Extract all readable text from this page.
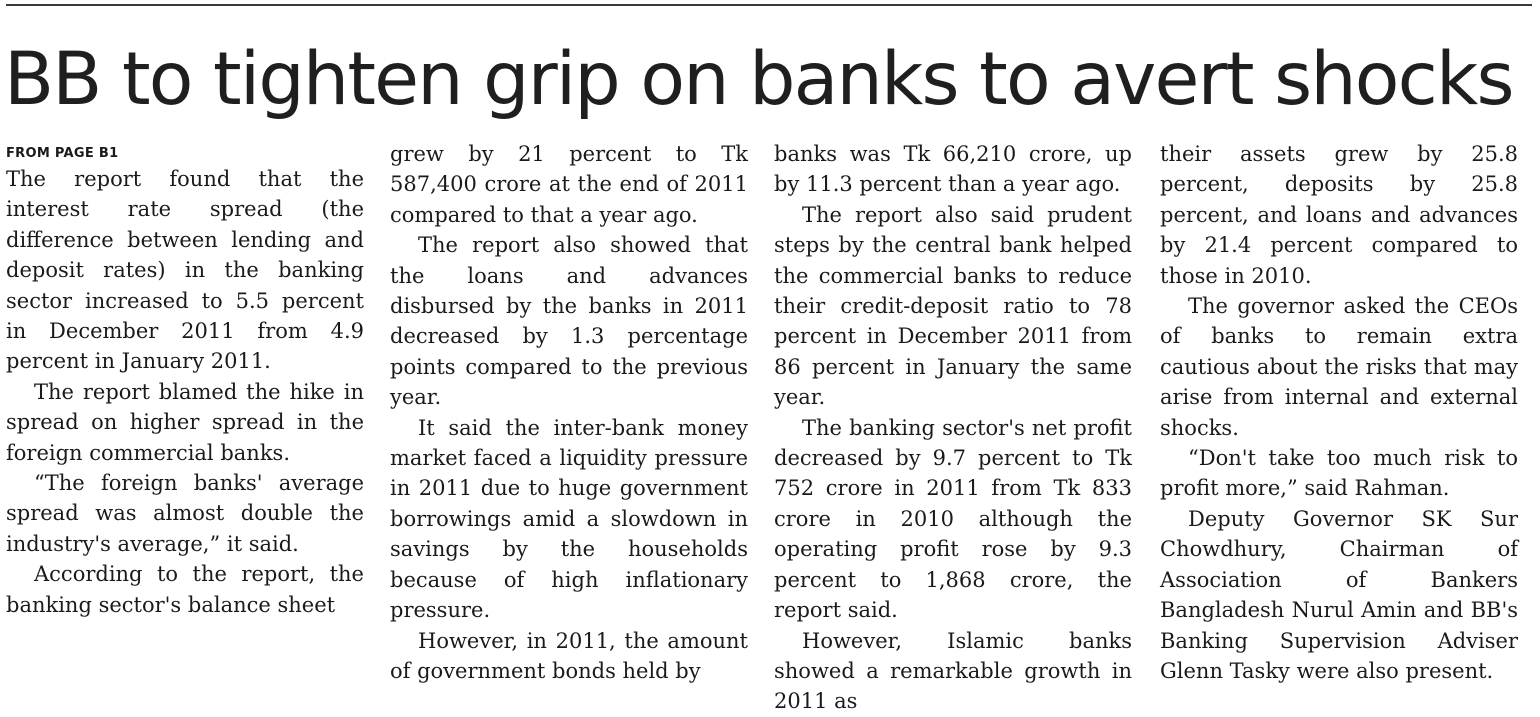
BB to tighten grip on banks to avert shocks
FROM PAGE B1

The report found that the interest rate spread (the difference between lending and deposit rates) in the banking sector increased to 5.5 percent in December 2011 from 4.9 percent in January 2011.

The report blamed the hike in spread on higher spread in the foreign commercial banks.

“The foreign banks' average spread was almost double the industry's average,” it said.

According to the report, the banking sector's balance sheet

grew by 21 percent to Tk 587,400 crore at the end of 2011 compared to that a year ago.

The report also showed that the loans and advances disbursed by the banks in 2011 decreased by 1.3 percentage points compared to the previous year.

It said the inter-bank money market faced a liquidity pressure in 2011 due to huge government borrowings amid a slowdown in savings by the households because of high inflationary pressure.

However, in 2011, the amount of government bonds held by

banks was Tk 66,210 crore, up by 11.3 percent than a year ago.

The report also said prudent steps by the central bank helped the commercial banks to reduce their credit-deposit ratio to 78 percent in December 2011 from 86 percent in January the same year.

The banking sector's net profit decreased by 9.7 percent to Tk 752 crore in 2011 from Tk 833 crore in 2010 although the operating profit rose by 9.3 percent to 1,868 crore, the report said.

However, Islamic banks showed a remarkable growth in 2011 as

their assets grew by 25.8 percent, deposits by 25.8 percent, and loans and advances by 21.4 percent compared to those in 2010.

The governor asked the CEOs of banks to remain extra cautious about the risks that may arise from internal and external shocks.

“Don't take too much risk to profit more,” said Rahman.

Deputy Governor SK Sur Chowdhury, Chairman of Association of Bankers Bangladesh Nurul Amin and BB's Banking Supervision Adviser Glenn Tasky were also present.
